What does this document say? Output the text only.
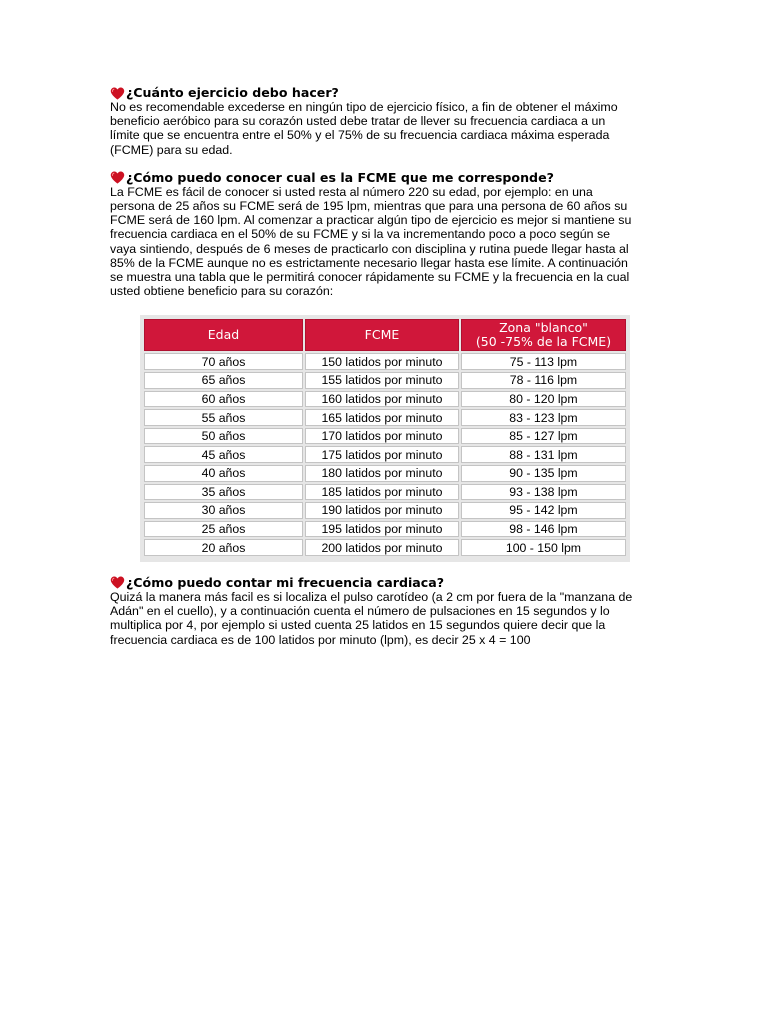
¿Cuánto ejercicio debo hacer?

No es recomendable excederse en ningún tipo de ejercicio físico, a fin de obtener el máximo
beneficio aeróbico para su corazón usted debe tratar de llever su frecuencia cardiaca a un
límite que se encuentra entre el 50% y el 75% de su frecuencia cardiaca máxima esperada
(FCME) para su edad.

¿Cómo puedo conocer cual es la FCME que me corresponde?

La FCME es fácil de conocer si usted resta al número 220 su edad, por ejemplo: en una
persona de 25 años su FCME será de 195 lpm, mientras que para una persona de 60 años su
FCME será de 160 lpm. Al comenzar a practicar algún tipo de ejercicio es mejor si mantiene su
frecuencia cardiaca en el 50% de su FCME y si la va incrementando poco a poco según se
vaya sintiendo, después de 6 meses de practicarlo con disciplina y rutina puede llegar hasta al
85% de la FCME aunque no es estrictamente necesario llegar hasta ese límite. A continuación
se muestra una tabla que le permitirá conocer rápidamente su FCME y la frecuencia en la cual
usted obtiene beneficio para su corazón:

Edad	FCME	Zona "blanco"
(50 -75% de la FCME)
70 años	150 latidos por minuto	75 - 113 lpm
65 años	155 latidos por minuto	78 - 116 lpm
60 años	160 latidos por minuto	80 - 120 lpm
55 años	165 latidos por minuto	83 - 123 lpm
50 años	170 latidos por minuto	85 - 127 lpm
45 años	175 latidos por minuto	88 - 131 lpm
40 años	180 latidos por minuto	90 - 135 lpm
35 años	185 latidos por minuto	93 - 138 lpm
30 años	190 latidos por minuto	95 - 142 lpm
25 años	195 latidos por minuto	98 - 146 lpm
20 años	200 latidos por minuto	100 - 150 lpm
¿Cómo puedo contar mi frecuencia cardiaca?

Quizá la manera más facil es si localiza el pulso carotídeo (a 2 cm por fuera de la "manzana de
Adán" en el cuello), y a continuación cuenta el número de pulsaciones en 15 segundos y lo
multiplica por 4, por ejemplo si usted cuenta 25 latidos en 15 segundos quiere decir que la
frecuencia cardiaca es de 100 latidos por minuto (lpm), es decir 25 x 4 = 100
